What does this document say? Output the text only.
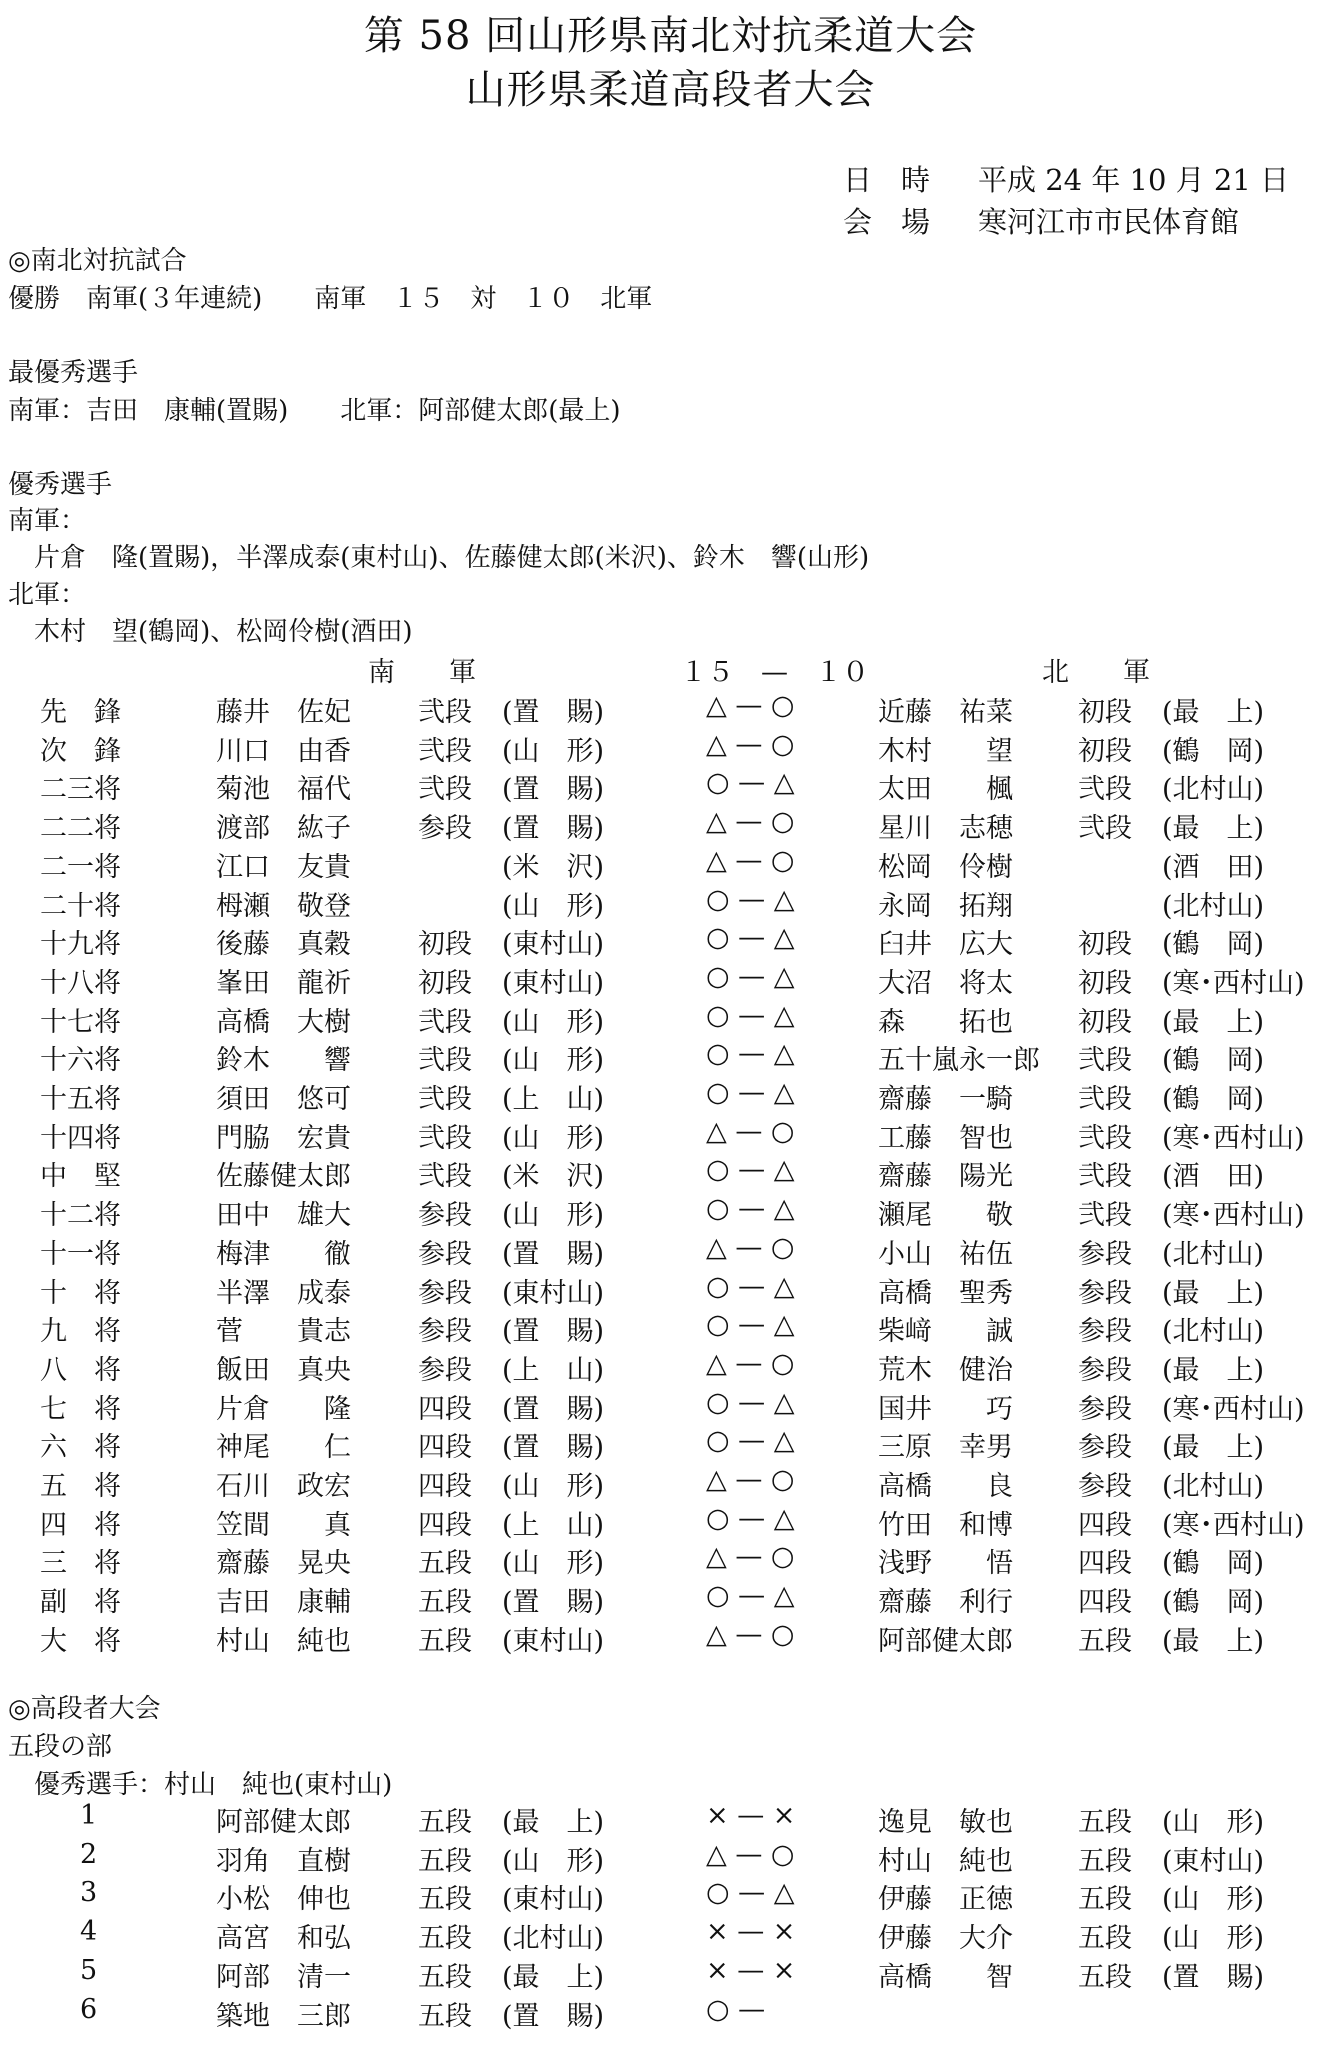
第 58 回山形県南北対抗柔道大会
山形県柔道高段者大会
日　時 平成 24 年 10 月 21 日
会　場 寒河江市市民体育館
◎南北対抗試合
優勝　南軍(３年連続)　　南軍　１５　対　１０　北軍
最優秀選手
南軍：吉田　康輔(置賜)　　北軍：阿部健太郎(最上)
優秀選手
南軍：
　片倉　隆(置賜)，半澤成泰(東村山)、佐藤健太郎(米沢)、鈴木　響(山形)
北軍：
　木村　望(鶴岡)、松岡伶樹(酒田)
南　　軍	１５　—　１０	北　　軍
先　鋒	藤井　佐妃 弐段 (置　賜)	△ — ○	近藤　祐菜 初段 (最　上)
次　鋒	川口　由香 弐段 (山　形)	△ — ○	木村　　望 初段 (鶴　岡)
二三将	菊池　福代 弐段 (置　賜)	○ — △	太田　　楓 弐段 (北村山)
二二将	渡部　紘子 参段 (置　賜)	△ — ○	星川　志穂 弐段 (最　上)
二一将	江口　友貴	(米　沢)	△ — ○	松岡　伶樹	(酒　田)
二十将	栂瀬　敬登	(山　形)	○ — △	永岡　拓翔	(北村山)
十九将	後藤　真穀 初段 (東村山)	○ — △	臼井　広大 初段 (鶴　岡)
十八将	峯田　龍祈 初段 (東村山)	○ — △	大沼　将太 初段 (寒･西村山)
十七将	高橋　大樹 弐段 (山　形)	○ — △	森　　拓也 初段 (最　上)
十六将	鈴木　　響 弐段 (山　形)	○ — △	五十嵐永一郎 弐段 (鶴　岡)
十五将	須田　悠可 弐段 (上　山)	○ — △	齋藤　一騎 弐段 (鶴　岡)
十四将	門脇　宏貴 弐段 (山　形)	△ — ○	工藤　智也 弐段 (寒･西村山)
中　堅	佐藤健太郎 弐段 (米　沢)	○ — △	齋藤　陽光 弐段 (酒　田)
十二将	田中　雄大 参段 (山　形)	○ — △	瀬尾　　敬 弐段 (寒･西村山)
十一将	梅津　　徹 参段 (置　賜)	△ — ○	小山　祐伍 参段 (北村山)
十　将	半澤　成泰 参段 (東村山)	○ — △	高橋　聖秀 参段 (最　上)
九　将	菅　　貴志 参段 (置　賜)	○ — △	柴﨑　　誠 参段 (北村山)
八　将	飯田　真央 参段 (上　山)	△ — ○	荒木　健治 参段 (最　上)
七　将	片倉　　隆 四段 (置　賜)	○ — △	国井　　巧 参段 (寒･西村山)
六　将	神尾　　仁 四段 (置　賜)	○ — △	三原　幸男 参段 (最　上)
五　将	石川　政宏 四段 (山　形)	△ — ○	高橋　　良 参段 (北村山)
四　将	笠間　　真 四段 (上　山)	○ — △	竹田　和博 四段 (寒･西村山)
三　将	齋藤　晃央 五段 (山　形)	△ — ○	浅野　　悟 四段 (鶴　岡)
副　将	吉田　康輔 五段 (置　賜)	○ — △	齋藤　利行 四段 (鶴　岡)
大　将	村山　純也 五段 (東村山)	△ — ○	阿部健太郎 五段 (最　上)
◎高段者大会
五段の部
　優秀選手：村山　純也(東村山)
1	阿部健太郎 五段 (最　上)	× — ×	逸見　敏也 五段 (山　形)
2	羽角　直樹 五段 (山　形)	△ — ○	村山　純也 五段 (東村山)
3	小松　伸也 五段 (東村山)	○ — △	伊藤　正徳 五段 (山　形)
4	高宮　和弘 五段 (北村山)	× — ×	伊藤　大介 五段 (山　形)
5	阿部　清一 五段 (最　上)	× — ×	高橋　　智 五段 (置　賜)
6	築地　三郎 五段 (置　賜)	○ —
